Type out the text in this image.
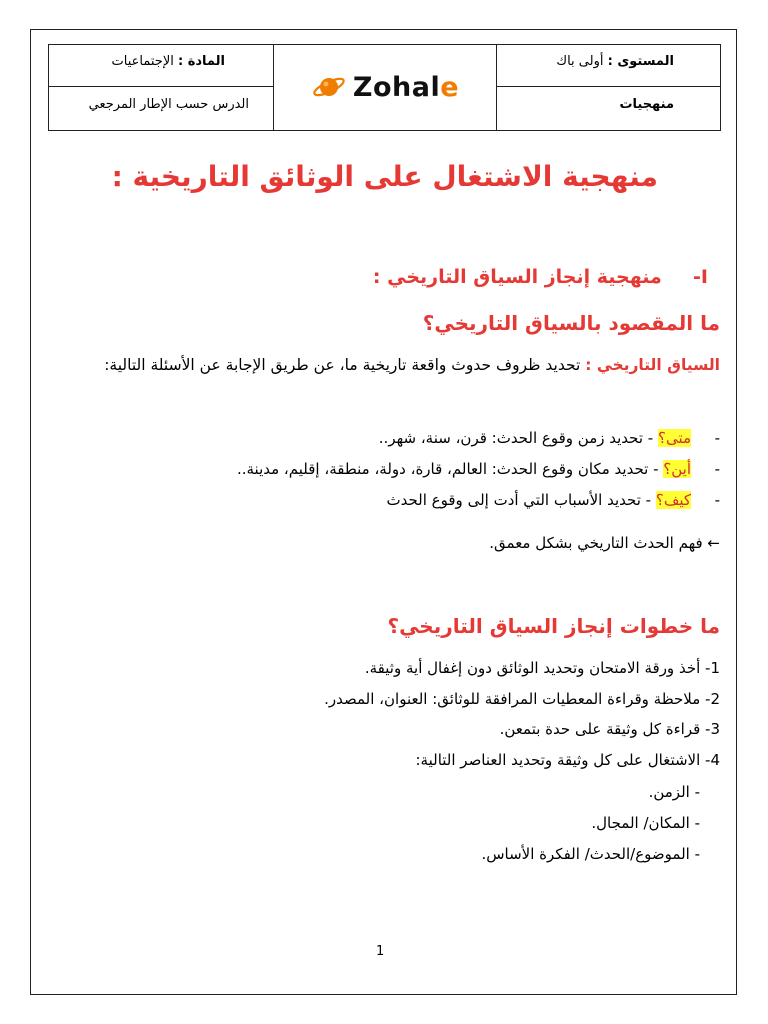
المستوى : أولى باك
منهجيات
المادة : الإجتماعيات
الدرس حسب الإطار المرجعي
Zohale
منهجية الاشتغال على الوثائق التاريخية :
I-  منهجية إنجاز السياق التاريخي :
ما المقصود بالسياق التاريخي؟
السياق التاريخي : تحديد ظروف حدوث واقعة تاريخية ما، عن طريق الإجابة عن الأسئلة التالية:
-  متى؟ - تحديد زمن وقوع الحدث: قرن، سنة، شهر..
-  أين؟ - تحديد مكان وقوع الحدث: العالم، قارة، دولة، منطقة، إقليم، مدينة..
-  كيف؟ - تحديد الأسباب التي أدت إلى وقوع الحدث
← فهم الحدث التاريخي بشكل معمق.
ما خطوات إنجاز السياق التاريخي؟
1- أخذ ورقة الامتحان وتحديد الوثائق دون إغفال أية وثيقة.
2- ملاحظة وقراءة المعطيات المرافقة للوثائق: العنوان، المصدر.
3- قراءة كل وثيقة على حدة بتمعن.
4- الاشتغال على كل وثيقة وتحديد العناصر التالية:
- الزمن.
- المكان/ المجال.
- الموضوع/الحدث/ الفكرة الأساس.
1
